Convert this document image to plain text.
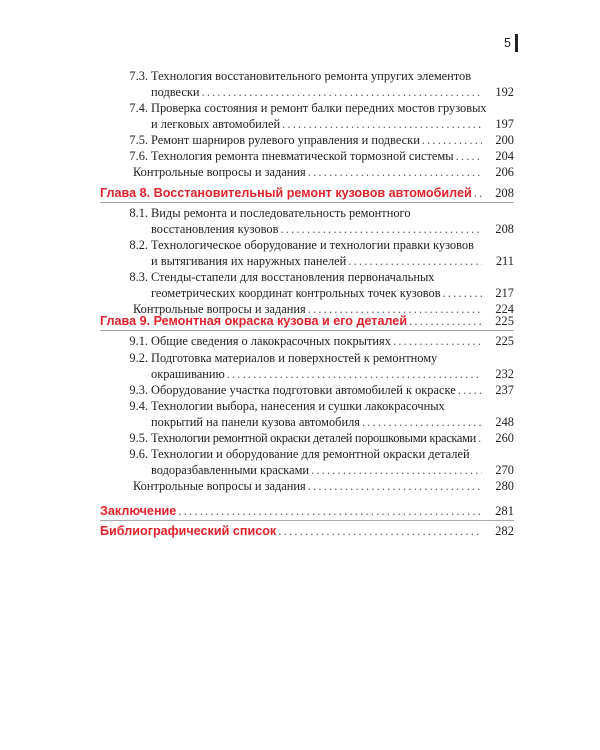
5
7.3. Технология восстановительного ремонта упругих элементов
подвески .....	192
7.4. Проверка состояния и ремонт балки передних мостов грузовых
и легковых автомобилей .....	197
7.5. Ремонт шарниров рулевого управления и подвески .....	200
7.6. Технология ремонта пневматической тормозной системы .....	204
Контрольные вопросы и задания .....	206
Глава 8. Восстановительный ремонт кузовов автомобилей .....	208
8.1. Виды ремонта и последовательность ремонтного
восстановления кузовов .....	208
8.2. Технологическое оборудование и технологии правки кузовов
и вытягивания их наружных панелей .....	211
8.3. Стенды-стапели для восстановления первоначальных
геометрических координат контрольных точек кузовов .....	217
Контрольные вопросы и задания .....	224
Глава 9. Ремонтная окраска кузова и его деталей .....	225
9.1. Общие сведения о лакокрасочных покрытиях .....	225
9.2. Подготовка материалов и поверхностей к ремонтному
окрашиванию .....	232
9.3. Оборудование участка подготовки автомобилей к окраске .....	237
9.4. Технологии выбора, нанесения и сушки лакокрасочных
покрытий на панели кузова автомобиля .....	248
9.5. Технологии ремонтной окраски деталей порошковыми красками .....	260
9.6. Технологии и оборудование для ремонтной окраски деталей
водоразбавленными красками .....	270
Контрольные вопросы и задания .....	280
Заключение .....	281
Библиографический список .....	282
